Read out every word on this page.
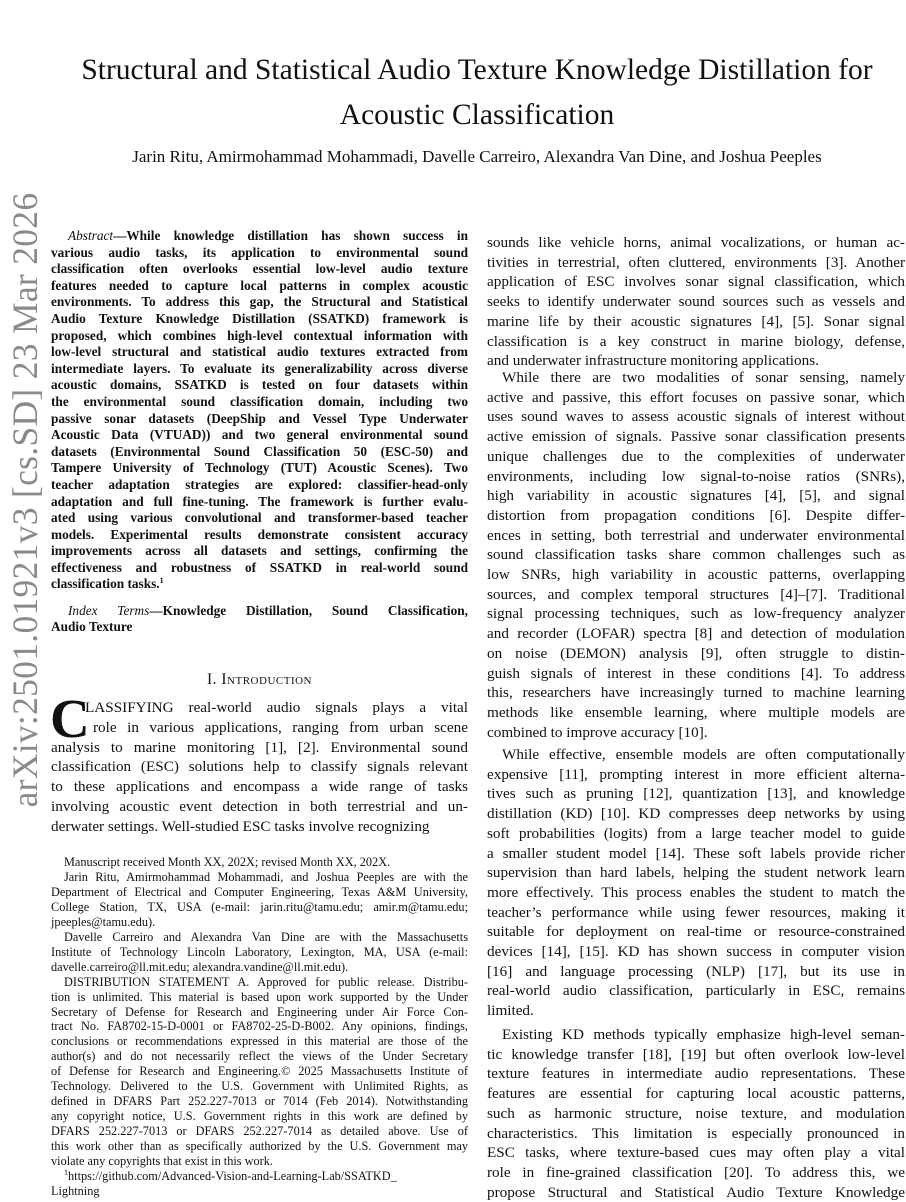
arXiv:2501.01921v3 [cs.SD] 23 Mar 2026
Structural and Statistical Audio Texture Knowledge Distillation for
Acoustic Classification
Jarin Ritu, Amirmohammad Mohammadi, Davelle Carreiro, Alexandra Van Dine, and Joshua Peeples
Abstract—While knowledge distillation has shown success in
various audio tasks, its application to environmental sound
classification often overlooks essential low-level audio texture
features needed to capture local patterns in complex acoustic
environments. To address this gap, the Structural and Statistical
Audio Texture Knowledge Distillation (SSATKD) framework is
proposed, which combines high-level contextual information with
low-level structural and statistical audio textures extracted from
intermediate layers. To evaluate its generalizability across diverse
acoustic domains, SSATKD is tested on four datasets within
the environmental sound classification domain, including two
passive sonar datasets (DeepShip and Vessel Type Underwater
Acoustic Data (VTUAD)) and two general environmental sound
datasets (Environmental Sound Classification 50 (ESC-50) and
Tampere University of Technology (TUT) Acoustic Scenes). Two
teacher adaptation strategies are explored: classifier-head-only
adaptation and full fine-tuning. The framework is further evalu-
ated using various convolutional and transformer-based teacher
models. Experimental results demonstrate consistent accuracy
improvements across all datasets and settings, confirming the
effectiveness and robustness of SSATKD in real-world sound
classification tasks.$^1$
Index Terms—Knowledge Distillation, Sound Classification,
Audio Texture
I. Introduction
C
LASSIFYING real-world audio signals plays a vital
role in various applications, ranging from urban scene
analysis to marine monitoring [1], [2]. Environmental sound
classification (ESC) solutions help to classify signals relevant
to these applications and encompass a wide range of tasks
involving acoustic event detection in both terrestrial and un-
derwater settings. Well-studied ESC tasks involve recognizing
Manuscript received Month XX, 202X; revised Month XX, 202X.
Jarin Ritu, Amirmohammad Mohammadi, and Joshua Peeples are with the
Department of Electrical and Computer Engineering, Texas A&M University,
College Station, TX, USA (e-mail: jarin.ritu@tamu.edu; amir.m@tamu.edu;
jpeeples@tamu.edu).
Davelle Carreiro and Alexandra Van Dine are with the Massachusetts
Institute of Technology Lincoln Laboratory, Lexington, MA, USA (e-mail:
davelle.carreiro@ll.mit.edu; alexandra.vandine@ll.mit.edu).
DISTRIBUTION STATEMENT A. Approved for public release. Distribu-
tion is unlimited. This material is based upon work supported by the Under
Secretary of Defense for Research and Engineering under Air Force Con-
tract No. FA8702-15-D-0001 or FA8702-25-D-B002. Any opinions, findings,
conclusions or recommendations expressed in this material are those of the
author(s) and do not necessarily reflect the views of the Under Secretary
of Defense for Research and Engineering.© 2025 Massachusetts Institute of
Technology. Delivered to the U.S. Government with Unlimited Rights, as
defined in DFARS Part 252.227-7013 or 7014 (Feb 2014). Notwithstanding
any copyright notice, U.S. Government rights in this work are defined by
DFARS 252.227-7013 or DFARS 252.227-7014 as detailed above. Use of
this work other than as specifically authorized by the U.S. Government may
violate any copyrights that exist in this work.
$^1$https://github.com/Advanced-Vision-and-Learning-Lab/SSATKD_
Lightning
sounds like vehicle horns, animal vocalizations, or human ac-
tivities in terrestrial, often cluttered, environments [3]. Another
application of ESC involves sonar signal classification, which
seeks to identify underwater sound sources such as vessels and
marine life by their acoustic signatures [4], [5]. Sonar signal
classification is a key construct in marine biology, defense,
and underwater infrastructure monitoring applications.
While there are two modalities of sonar sensing, namely
active and passive, this effort focuses on passive sonar, which
uses sound waves to assess acoustic signals of interest without
active emission of signals. Passive sonar classification presents
unique challenges due to the complexities of underwater
environments, including low signal-to-noise ratios (SNRs),
high variability in acoustic signatures [4], [5], and signal
distortion from propagation conditions [6]. Despite differ-
ences in setting, both terrestrial and underwater environmental
sound classification tasks share common challenges such as
low SNRs, high variability in acoustic patterns, overlapping
sources, and complex temporal structures [4]–[7]. Traditional
signal processing techniques, such as low-frequency analyzer
and recorder (LOFAR) spectra [8] and detection of modulation
on noise (DEMON) analysis [9], often struggle to distin-
guish signals of interest in these conditions [4]. To address
this, researchers have increasingly turned to machine learning
methods like ensemble learning, where multiple models are
combined to improve accuracy [10].
While effective, ensemble models are often computationally
expensive [11], prompting interest in more efficient alterna-
tives such as pruning [12], quantization [13], and knowledge
distillation (KD) [10]. KD compresses deep networks by using
soft probabilities (logits) from a large teacher model to guide
a smaller student model [14]. These soft labels provide richer
supervision than hard labels, helping the student network learn
more effectively. This process enables the student to match the
teacher’s performance while using fewer resources, making it
suitable for deployment on real-time or resource-constrained
devices [14], [15]. KD has shown success in computer vision
[16] and language processing (NLP) [17], but its use in
real-world audio classification, particularly in ESC, remains
limited.
Existing KD methods typically emphasize high-level seman-
tic knowledge transfer [18], [19] but often overlook low-level
texture features in intermediate audio representations. These
features are essential for capturing local acoustic patterns,
such as harmonic structure, noise texture, and modulation
characteristics. This limitation is especially pronounced in
ESC tasks, where texture-based cues may often play a vital
role in fine-grained classification [20]. To address this, we
propose Structural and Statistical Audio Texture Knowledge
